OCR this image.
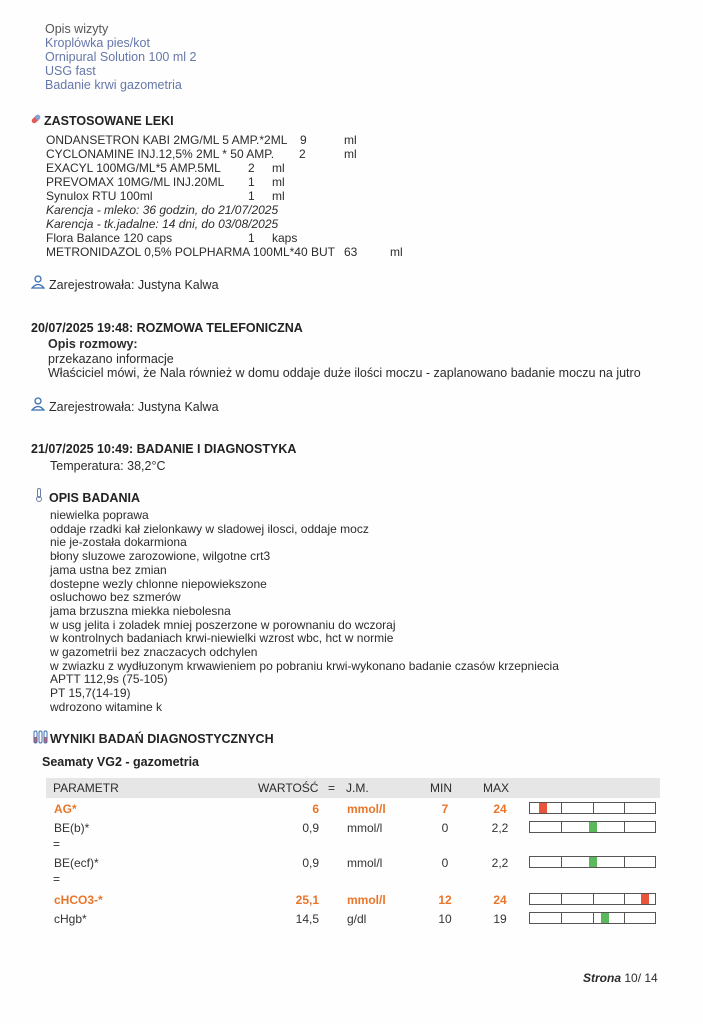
Opis wizyty
Kroplówka pies/kot
Ornipural Solution 100 ml 2
USG fast
Badanie krwi gazometria
ZASTOSOWANE LEKI
ONDANSETRON KABI 2MG/ML 5 AMP.*2ML 9	ml
CYCLONAMINE INJ.12,5% 2ML * 50 AMP. 2	ml
EXACYL 100MG/ML*5 AMP.5ML 2 ml
PREVOMAX 10MG/ML INJ.20ML 1 ml
Synulox RTU 100ml	1 ml
Karencja - mleko: 36 godzin, do 21/07/2025
Karencja - tk.jadalne: 14 dni, do 03/08/2025
Flora Balance 120 caps	1 kaps
METRONIDAZOL 0,5% POLPHARMA 100ML*40 BUT 63	ml
Zarejestrowała: Justyna Kalwa
20/07/2025 19:48: ROZMOWA TELEFONICZNA
Opis rozmowy:
przekazano informacje
Właściciel mówi, że Nala również w domu oddaje duże ilości moczu - zaplanowano badanie moczu na jutro
Zarejestrowała: Justyna Kalwa
21/07/2025 10:49: BADANIE I DIAGNOSTYKA
Temperatura: 38,2°C
OPIS BADANIA
niewielka poprawa
oddaje rzadki kał zielonkawy w sladowej ilosci, oddaje mocz
nie je-została dokarmiona
błony sluzowe zarozowione, wilgotne crt3
jama ustna bez zmian
dostepne wezly chlonne niepowiekszone
osluchowo bez szmerów
jama brzuszna miekka niebolesna
w usg jelita i zoladek mniej poszerzone w porownaniu do wczoraj
w kontrolnych badaniach krwi-niewielki wzrost wbc, hct w normie
w gazometrii bez znaczacych odchylen
w zwiazku z wydłuzonym krwawieniem po pobraniu krwi-wykonano badanie czasów krzepniecia
APTT 112,9s (75-105)
PT 15,7(14-19)
wdrozono witamine k
WYNIKI BADAŃ DIAGNOSTYCZNYCH
Seamaty VG2 - gazometria
PARAMETR	WARTOŚĆ = J.M.	MIN	MAX
AG*	6 mmol/l	7	24
BE(b)*	0,9 mmol/l	0	2,2
=
BE(ecf)*	0,9 mmol/l	0	2,2
=
cHCO3-*	25,1 mmol/l	12	24
cHgb*	14,5 g/dl	10	19
Strona 10/ 14
